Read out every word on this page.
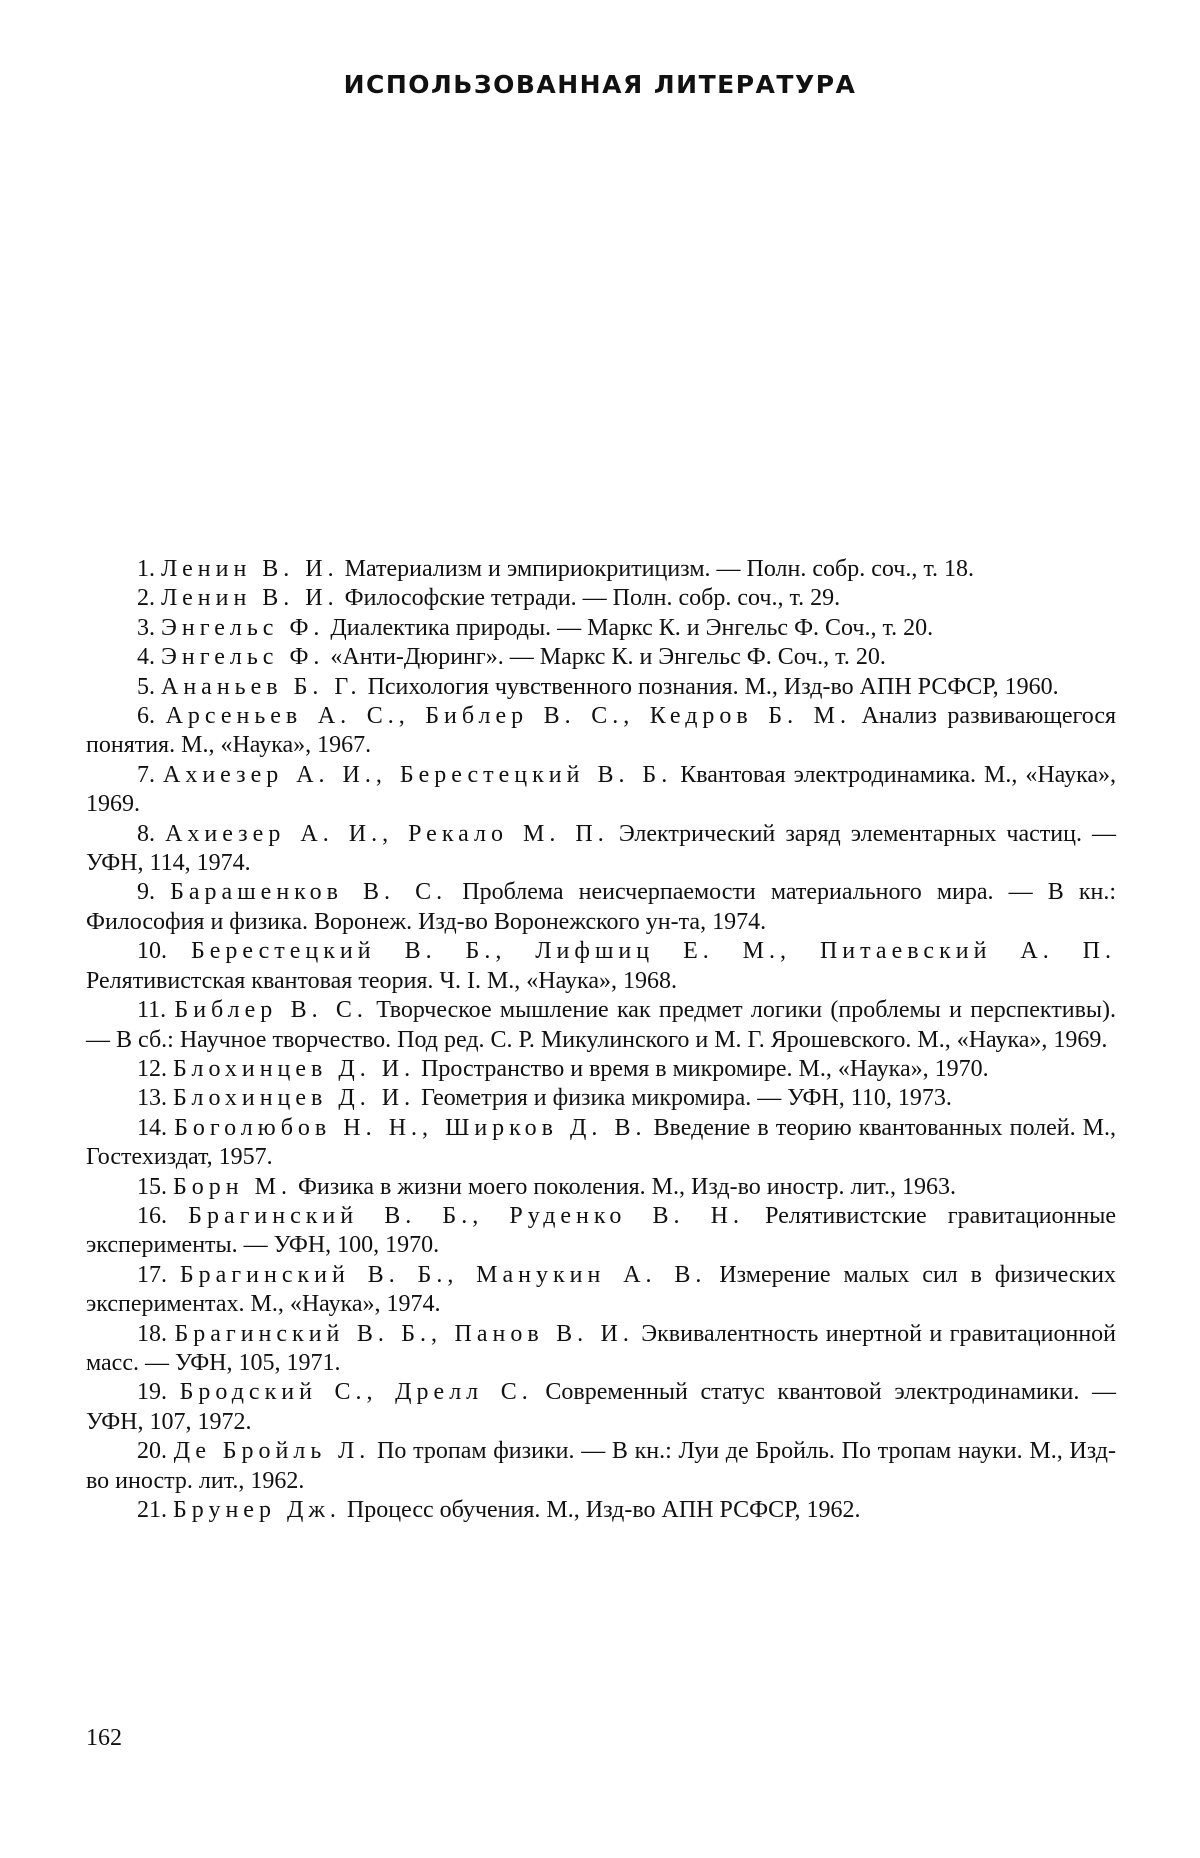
ИСПОЛЬЗОВАННАЯ ЛИТЕРАТУРА
1. Ленин В. И. Материализм и эмпириокритицизм. — Полн. собр. соч., т. 18.
2. Ленин В. И. Философские тетради. — Полн. собр. соч., т. 29.
3. Энгельс Ф. Диалектика природы. — Маркс К. и Энгельс Ф. Соч., т. 20.
4. Энгельс Ф. «Анти-Дюринг». — Маркс К. и Энгельс Ф. Соч., т. 20.
5. Ананьев Б. Г. Психология чувственного познания. М., Изд-во АПН РСФСР, 1960.
6. Арсеньев А. С., Библер В. С., Кедров Б. М. Анализ развивающегося понятия. М., «Наука», 1967.
7. Ахиезер А. И., Берестецкий В. Б. Квантовая электродинамика. М., «Наука», 1969.
8. Ахиезер А. И., Рекало М. П. Электрический заряд элементарных частиц. — УФН, 114, 1974.
9. Барашенков В. С. Проблема неисчерпаемости материального мира. — В кн.: Философия и физика. Воронеж. Изд-во Воронежского ун-та, 1974.
10. Берестецкий В. Б., Лифшиц Е. М., Питаевский А. П. Релятивистская квантовая теория. Ч. I. М., «Наука», 1968.
11. Библер В. С. Творческое мышление как предмет логики (проблемы и перспективы). — В сб.: Научное творчество. Под ред. С. Р. Микулинского и М. Г. Ярошевского. М., «Наука», 1969.
12. Блохинцев Д. И. Пространство и время в микромире. М., «Наука», 1970.
13. Блохинцев Д. И. Геометрия и физика микромира. — УФН, 110, 1973.
14. Боголюбов Н. Н., Ширков Д. В. Введение в теорию квантованных полей. М., Гостехиздат, 1957.
15. Борн М. Физика в жизни моего поколения. М., Изд-во иностр. лит., 1963.
16. Брагинский В. Б., Руденко В. Н. Релятивистские гравитационные эксперименты. — УФН, 100, 1970.
17. Брагинский В. Б., Манукин А. В. Измерение малых сил в физических экспериментах. М., «Наука», 1974.
18. Брагинский В. Б., Панов В. И. Эквивалентность инертной и гравитационной масс. — УФН, 105, 1971.
19. Бродский С., Дрелл С. Современный статус квантовой электродинамики. — УФН, 107, 1972.
20. Де Бройль Л. По тропам физики. — В кн.: Луи де Бройль. По тропам науки. М., Изд-во иностр. лит., 1962.
21. Брунер Дж. Процесс обучения. М., Изд-во АПН РСФСР, 1962.
162
